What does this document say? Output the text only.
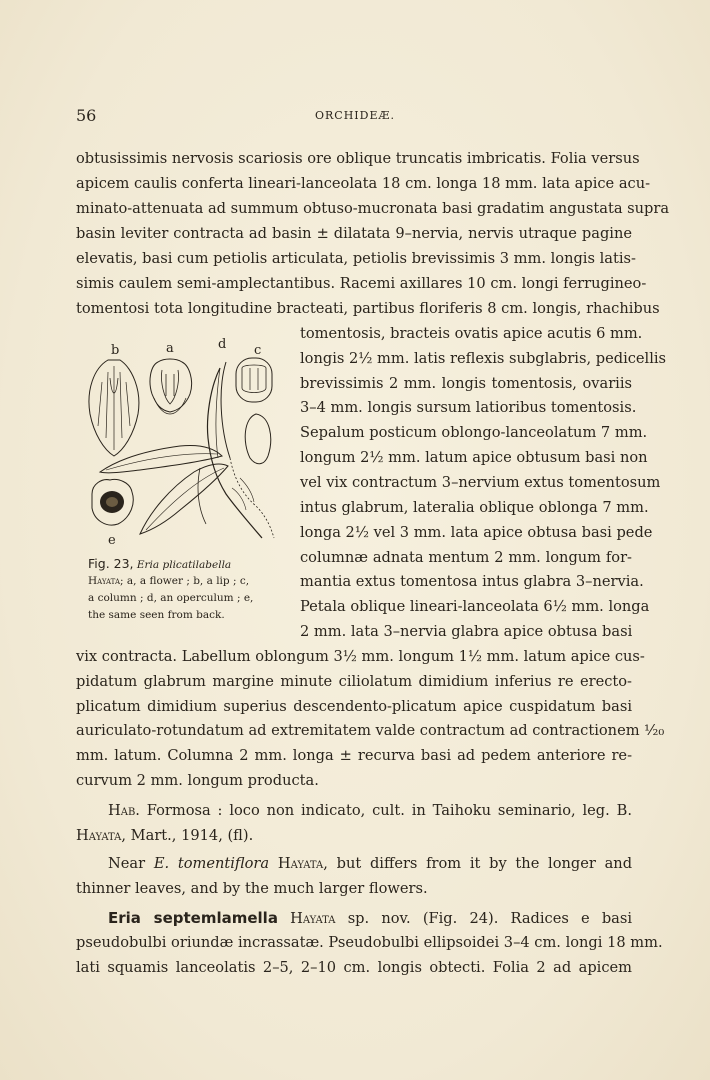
56	ORCHIDEÆ.
obtusissimis nervosis scariosis ore oblique truncatis imbricatis. Folia versus
apicem caulis conferta lineari-lanceolata 18 cm. longa 18 mm. lata apice acu-
minato-attenuata ad summum obtuso-mucronata basi gradatim angustata supra
basin leviter contracta ad basin ± dilatata 9–nervia, nervis utraque pagine
elevatis, basi cum petiolis articulata, petiolis brevissimis 3 mm. longis latis-
simis caulem semi-amplectantibus. Racemi axillares 10 cm. longi ferrugineo-
tomentosi tota longitudine bracteati, partibus floriferis 8 cm. longis, rhachibus
tomentosis, bracteis ovatis apice acutis 6 mm.
longis 2½ mm. latis reflexis subglabris, pedicellis
brevissimis 2 mm. longis tomentosis, ovariis
3–4 mm. longis sursum latioribus tomentosis.
Sepalum posticum oblongo-lanceolatum 7 mm.
longum 2½ mm. latum apice obtusum basi non
vel vix contractum 3–nervium extus tomentosum
intus glabrum, lateralia oblique oblonga 7 mm.
longa 2½ vel 3 mm. lata apice obtusa basi pede
columnæ adnata mentum 2 mm. longum for-
mantia extus tomentosa intus glabra 3–nervia.
Petala oblique lineari-lanceolata 6½ mm. longa
2 mm. lata 3–nervia glabra apice obtusa basi
b	a	d c
e
Fig. 23, Eria plicatilabella
Hayata; a, a flower ; b, a lip ; c,
a column ; d, an operculum ; e,
the same seen from back.
vix contracta. Labellum oblongum 3½ mm. longum 1½ mm. latum apice cus-
pidatum glabrum margine minute ciliolatum dimidium inferius re erecto-
plicatum dimidium superius descendento-plicatum apice cuspidatum basi
auriculato-rotundatum ad extremitatem valde contractum ad contractionem ¹⁄₂₀
mm. latum. Columna 2 mm. longa ± recurva basi ad pedem anteriore re-
curvum 2 mm. longum producta.
Hab. Formosa : loco non indicato, cult. in Taihoku seminario, leg. B.
Hayata, Mart., 1914, (fl).
Near E. tomentiflora Hayata, but differs from it by the longer and
thinner leaves, and by the much larger flowers.
Eria septemlamella Hayata sp. nov. (Fig. 24). Radices e basi
pseudobulbi oriundæ incrassatæ. Pseudobulbi ellipsoidei 3–4 cm. longi 18 mm.
lati squamis lanceolatis 2–5, 2–10 cm. longis obtecti. Folia 2 ad apicem
